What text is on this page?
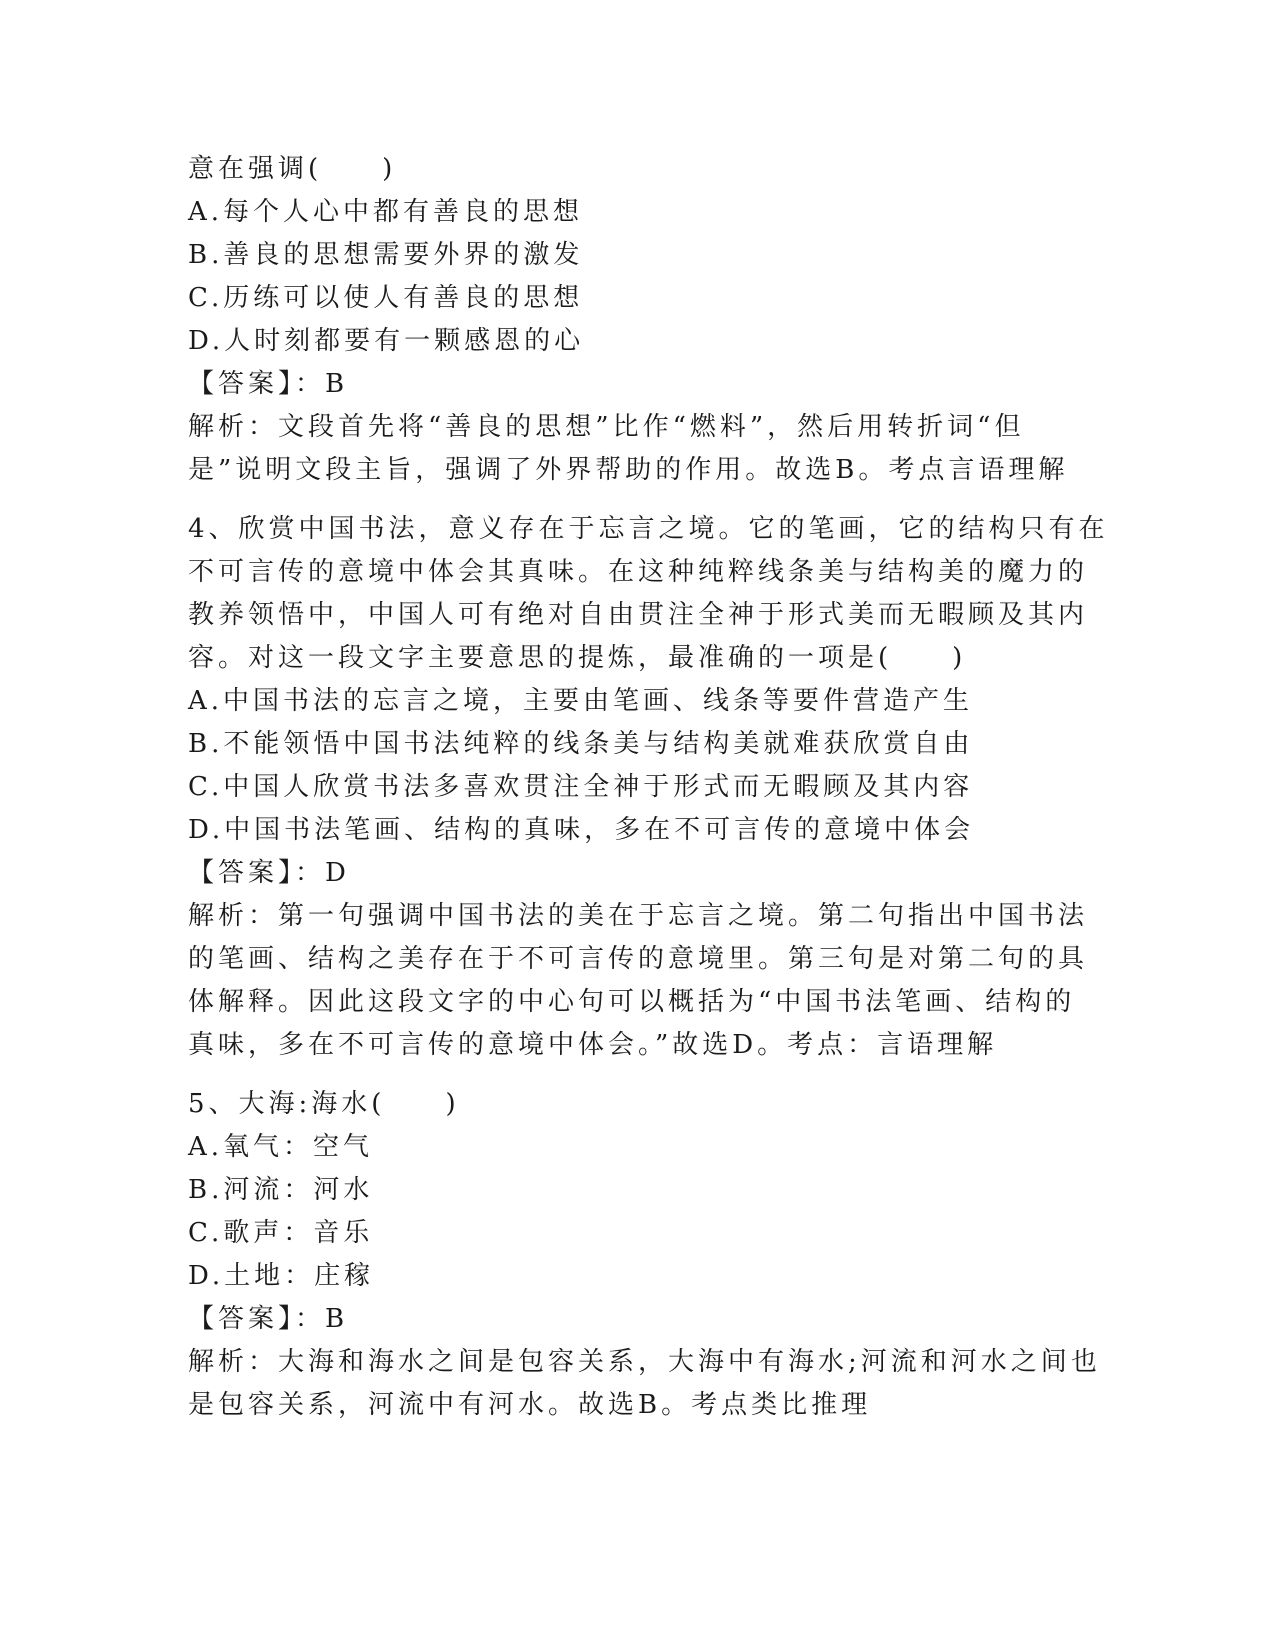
意在强调(　　)
A.每个人心中都有善良的思想
B.善良的思想需要外界的激发
C.历练可以使人有善良的思想
D.人时刻都要有一颗感恩的心
【答案】：B
解析：文段首先将“善良的思想”比作“燃料”，然后用转折词“但
是”说明文段主旨，强调了外界帮助的作用。故选B。考点言语理解
4、欣赏中国书法，意义存在于忘言之境。它的笔画，它的结构只有在
不可言传的意境中体会其真味。在这种纯粹线条美与结构美的魔力的
教养领悟中，中国人可有绝对自由贯注全神于形式美而无暇顾及其内
容。对这一段文字主要意思的提炼，最准确的一项是(　　)
A.中国书法的忘言之境，主要由笔画、线条等要件营造产生
B.不能领悟中国书法纯粹的线条美与结构美就难获欣赏自由
C.中国人欣赏书法多喜欢贯注全神于形式而无暇顾及其内容
D.中国书法笔画、结构的真味，多在不可言传的意境中体会
【答案】：D
解析：第一句强调中国书法的美在于忘言之境。第二句指出中国书法
的笔画、结构之美存在于不可言传的意境里。第三句是对第二句的具
体解释。因此这段文字的中心句可以概括为“中国书法笔画、结构的
真味，多在不可言传的意境中体会。”故选D。考点：言语理解
5、大海:海水(　　)
A.氧气：空气
B.河流：河水
C.歌声：音乐
D.土地：庄稼
【答案】：B
解析：大海和海水之间是包容关系，大海中有海水;河流和河水之间也
是包容关系，河流中有河水。故选B。考点类比推理
